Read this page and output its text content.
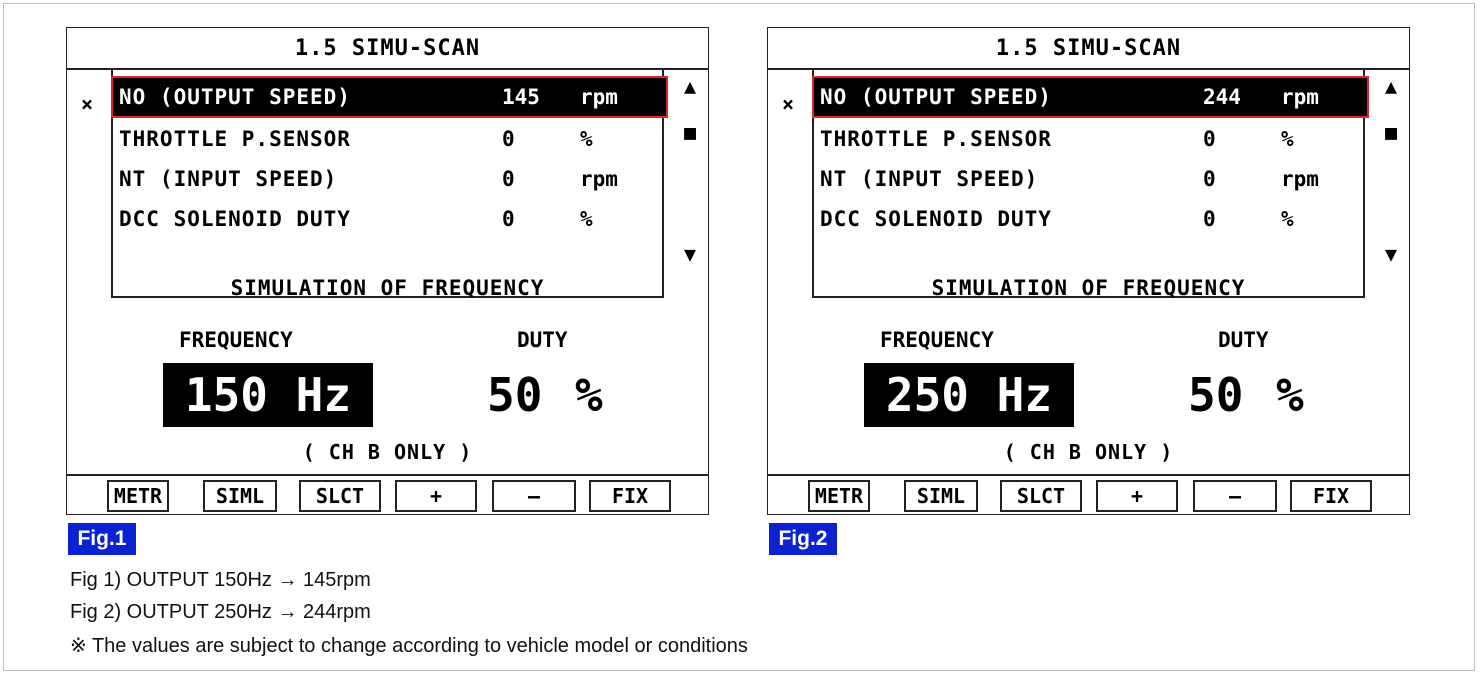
1.5 SIMU-SCAN
× NO (OUTPUT SPEED)	145 rpm
THROTTLE P.SENSOR	0	%
NT (INPUT SPEED)	0	rpm
DCC SOLENOID DUTY	0	%
▲
■
▼
SIMULATION OF FREQUENCY
FREQUENCY	DUTY
150 Hz	50 %
( CH B ONLY )
METR	SIML	SLCT	+	—	FIX
Fig.1
1.5 SIMU-SCAN
× NO (OUTPUT SPEED)	244 rpm
THROTTLE P.SENSOR	0	%
NT (INPUT SPEED)	0	rpm
DCC SOLENOID DUTY	0	%
▲
■
▼
SIMULATION OF FREQUENCY
FREQUENCY	DUTY
250 Hz	50 %
( CH B ONLY )
METR	SIML	SLCT	+	—	FIX
Fig.2
Fig 1) OUTPUT 150Hz → 145rpm
Fig 2) OUTPUT 250Hz → 244rpm
※ The values are subject to change according to vehicle model or conditions
